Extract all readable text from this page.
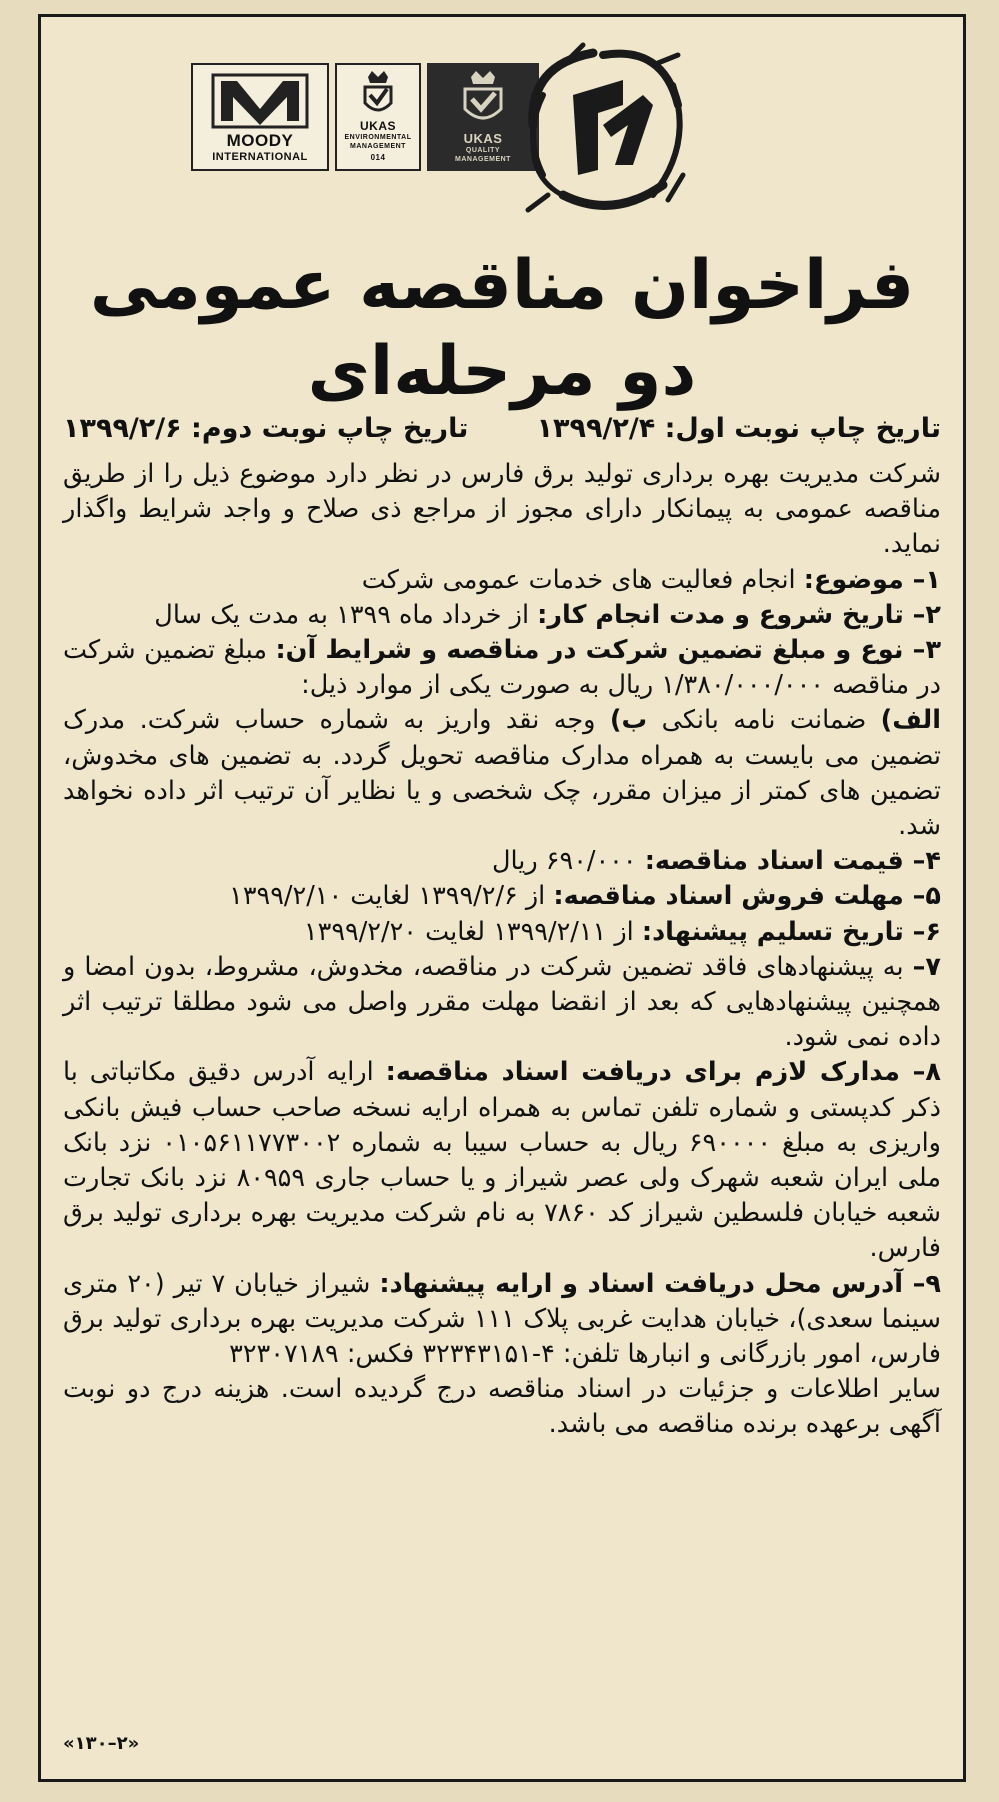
MOODY
INTERNATIONAL
UKAS
ENVIRONMENTAL
MANAGEMENT
014
UKAS
QUALITY
MANAGEMENT
فراخوان مناقصه عمومی
دو مرحله‌ای
تاریخ چاپ نوبت اول: ۱۳۹۹/۲/۴
تاریخ چاپ نوبت دوم: ۱۳۹۹/۲/۶

شرکت مدیریت بهره برداری تولید برق فارس در نظر دارد موضوع ذیل را از طریق مناقصه عمومی به پیمانکار دارای مجوز از مراجع ذی صلاح و واجد شرایط واگذار نماید.

۱– موضوع: انجام فعالیت های خدمات عمومی شرکت

۲– تاریخ شروع و مدت انجام کار: از خرداد ماه ۱۳۹۹ به مدت یک سال

۳– نوع و مبلغ تضمین شرکت در مناقصه و شرایط آن: مبلغ تضمین شرکت در مناقصه ۱/۳۸۰/۰۰۰/۰۰۰ ریال به صورت یکی از موارد ذیل:

الف) ضمانت نامه بانکی ب) وجه نقد واریز به شماره حساب شرکت. مدرک تضمین می بایست به همراه مدارک مناقصه تحویل گردد. به تضمین های مخدوش، تضمین های کمتر از میزان مقرر، چک شخصی و یا نظایر آن ترتیب اثر داده نخواهد شد.

۴– قیمت اسناد مناقصه: ۶۹۰/۰۰۰ ریال

۵– مهلت فروش اسناد مناقصه: از ۱۳۹۹/۲/۶ لغایت ۱۳۹۹/۲/۱۰

۶– تاریخ تسلیم پیشنهاد: از ۱۳۹۹/۲/۱۱ لغایت ۱۳۹۹/۲/۲۰

۷– به پیشنهادهای فاقد تضمین شرکت در مناقصه، مخدوش، مشروط، بدون امضا و همچنین پیشنهادهایی که بعد از انقضا مهلت مقرر واصل می شود مطلقا ترتیب اثر داده نمی شود.

۸– مدارک لازم برای دریافت اسناد مناقصه: ارایه آدرس دقیق مکاتباتی با ذکر کدپستی و شماره تلفن تماس به همراه ارایه نسخه صاحب حساب فیش بانکی واریزی به مبلغ ۶۹۰۰۰۰ ریال به حساب سیبا به شماره ۰۱۰۵۶۱۱۷۷۳۰۰۲ نزد بانک ملی ایران شعبه شهرک ولی عصر شیراز و یا حساب جاری ۸۰۹۵۹ نزد بانک تجارت شعبه خیابان فلسطین شیراز کد ۷۸۶۰ به نام شرکت مدیریت بهره برداری تولید برق فارس.

۹– آدرس محل دریافت اسناد و ارایه پیشنهاد: شیراز خیابان ۷ تیر (۲۰ متری سینما سعدی)، خیابان هدایت غربی پلاک ۱۱۱ شرکت مدیریت بهره برداری تولید برق فارس، امور بازرگانی و انبارها تلفن: ۴-۳۲۳۴۳۱۵۱ فکس: ۳۲۳۰۷۱۸۹

سایر اطلاعات و جزئیات در اسناد مناقصه درج گردیده است. هزینه درج دو نوبت آگهی برعهده برنده مناقصه می باشد.

«۲–۱۳۰»
